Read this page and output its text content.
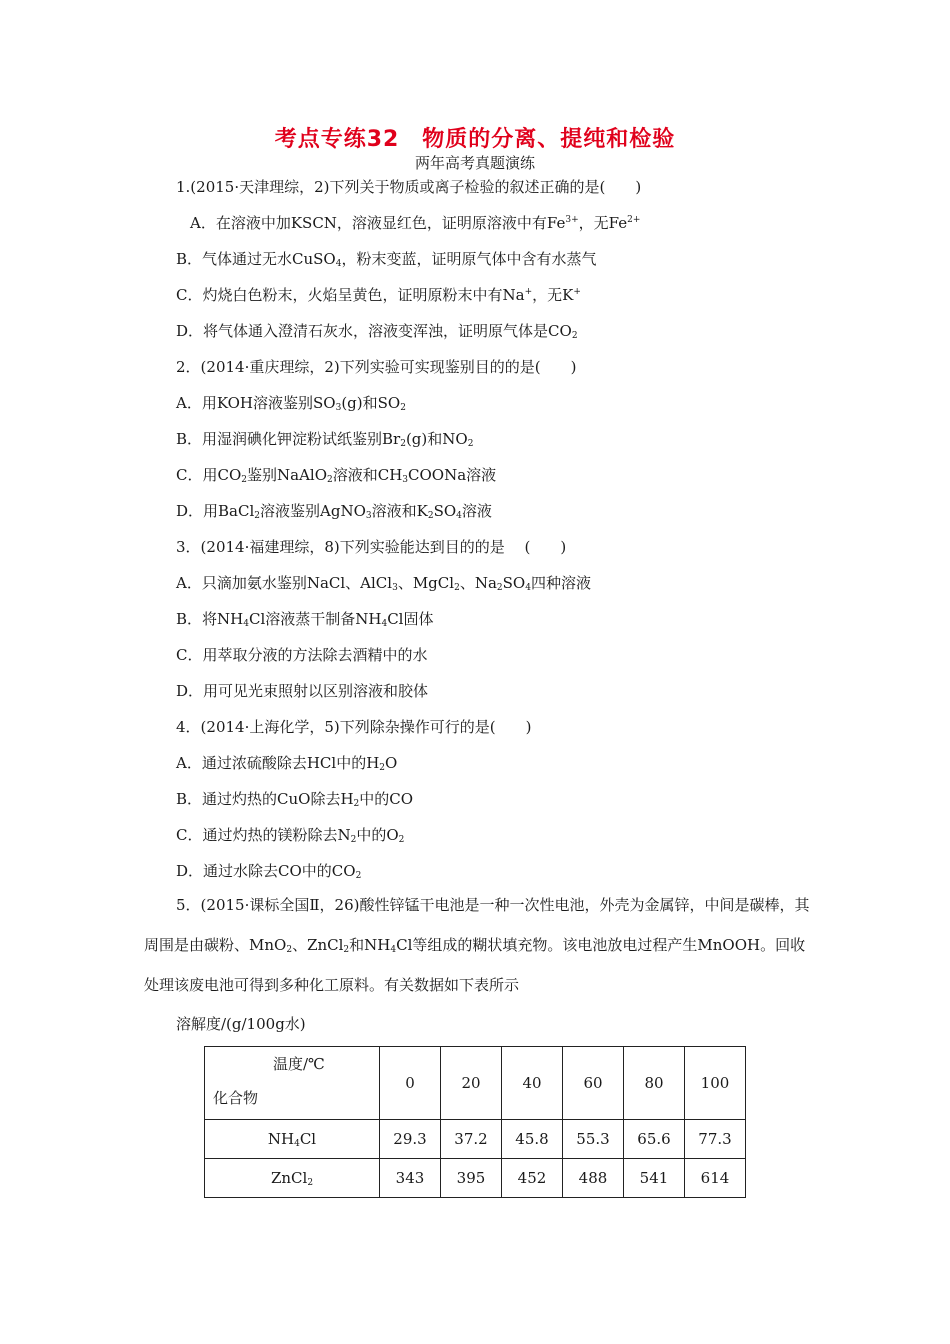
考点专练32　物质的分离、提纯和检验
两年高考真题演练
1.(2015·天津理综，2)下列关于物质或离子检验的叙述正确的是(　　)
A．在溶液中加KSCN，溶液显红色，证明原溶液中有$Fe^{3+}$，无$Fe^{2+}$
B．气体通过无水CuSO$_4$，粉末变蓝，证明原气体中含有水蒸气
C．灼烧白色粉末，火焰呈黄色，证明原粉末中有Na+，无K+
D．将气体通入澄清石灰水，溶液变浑浊，证明原气体是$CO_2$
2．(2014·重庆理综，2)下列实验可实现鉴别目的的是(　　)
A．用KOH溶液鉴别$SO_3(g)$和$SO_2$
B．用湿润碘化钾淀粉试纸鉴别$Br_2(g)$和$NO_2$
C．用$CO_2$鉴别NaAlO$_2$溶液和$CH_3COONa$溶液
D．用BaCl$_2$溶液鉴别AgNO$_3$溶液和$K_2SO_4$溶液
3．(2014·福建理综，8)下列实验能达到目的的是　 (　　)
A．只滴加氨水鉴别NaCl、AlCl$_3$、MgCl$_2$、$Na_2SO_4$四种溶液
B．将$NH_4Cl$溶液蒸干制备$NH_4Cl$固体
C．用萃取分液的方法除去酒精中的水
D．用可见光束照射以区别溶液和胶体
4．(2014·上海化学，5)下列除杂操作可行的是(　　)
A．通过浓硫酸除去HCl中的$H_2O$
B．通过灼热的CuO除去$H_2$中的CO
C．通过灼热的镁粉除去$N_2$中的$O_2$
D．通过水除去CO中的$CO_2$
5．(2015·课标全国Ⅱ，26)酸性锌锰干电池是一种一次性电池，外壳为金属锌，中间是碳棒，其周围是由碳粉、MnO$_2$、ZnCl$_2$和$NH_4Cl$等组成的糊状填充物。该电池放电过程产生MnOOH。回收处理该废电池可得到多种化工原料。有关数据如下表所示
溶解度/(g/100g水)
温度/℃
化合物	0	20	40	60	80	100
$NH_4Cl$	29.3	37.2	45.8	55.3	65.6	77.3
ZnCl$_2$	343	395	452	488	541	614
